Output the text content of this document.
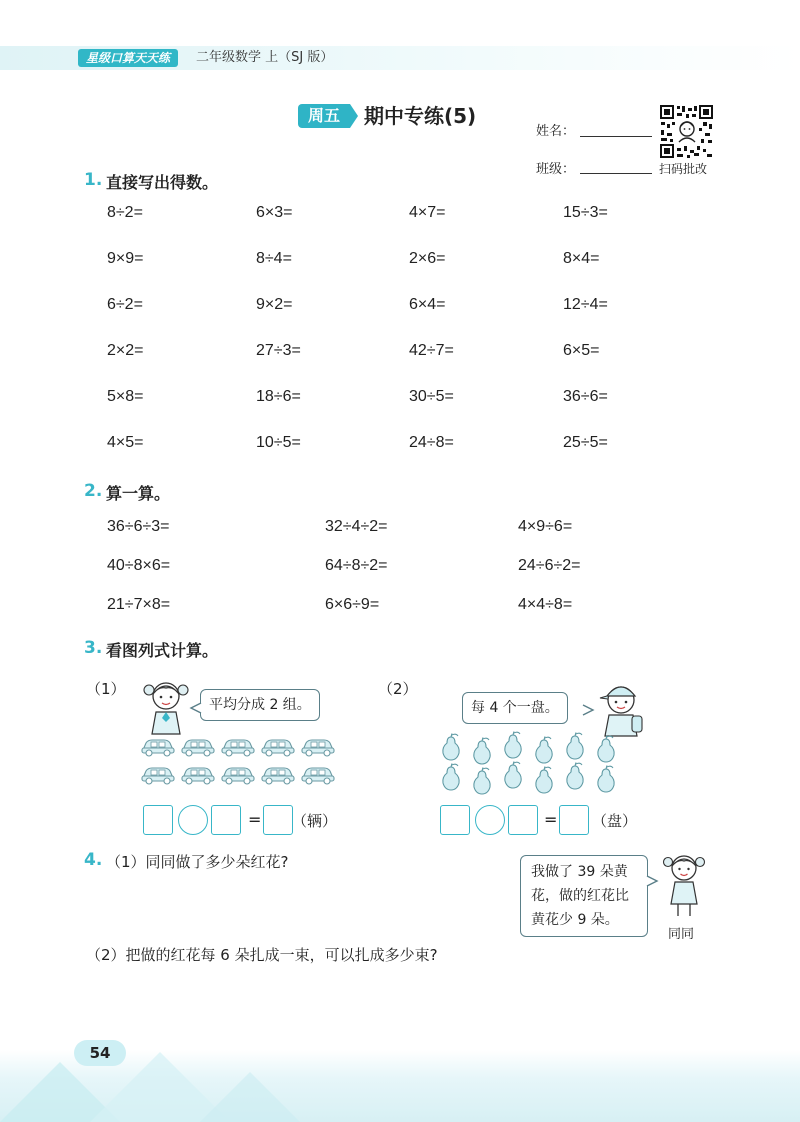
星级口算天天练	二年级数学 上（SJ 版）
周五	期中专练(5)
姓名：
班级：	扫码批改
1. 直接写出得数。
8÷2=	6×3=	4×7=	15÷3=
9×9=	8÷4=	2×6=	8×4=
6÷2=	9×2=	6×4=	12÷4=
2×2=	27÷3=	42÷7=	6×5=
5×8=	18÷6=	30÷5=	36÷6=
4×5=	10÷5=	24÷8=	25÷5=
2. 算一算。
36÷6÷3=	32÷4÷2=	4×9÷6=
40÷8×6=	64÷8÷2=	24÷6÷2=
21÷7×8=	6×6÷9=	4×4÷8=
3. 看图列式计算。
（1）
平均分成 2 组。
= （辆）
（2）
每 4 个一盘。
= （盘）
4. （1）同同做了多少朵红花?
我做了 39 朵黄
花，做的红花比
黄花少 9 朵。
同同
（2）把做的红花每 6 朵扎成一束，可以扎成多少束?
54
